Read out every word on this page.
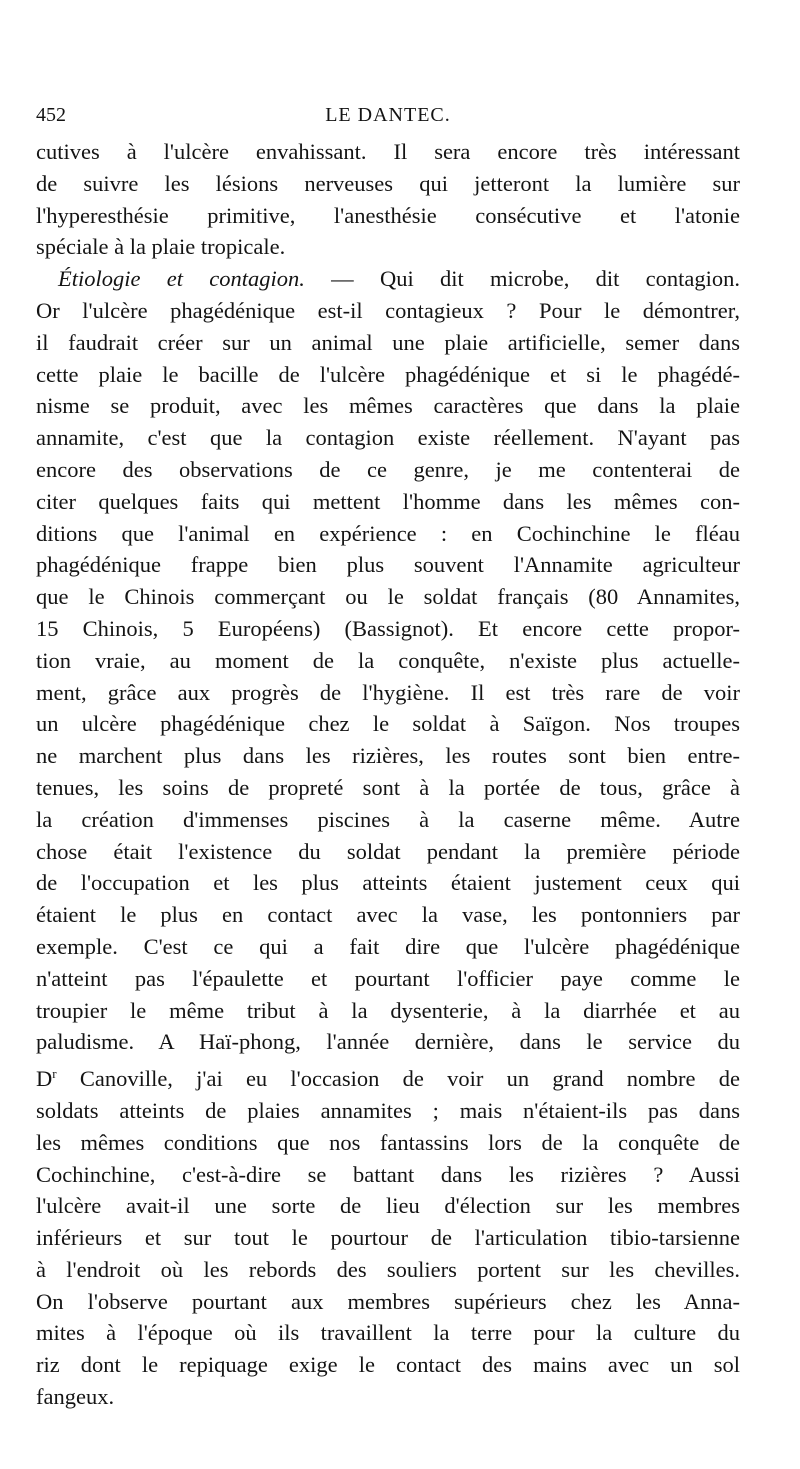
452	LE DANTEC.
cutives à l'ulcère envahissant. Il sera encore très intéressant
de suivre les lésions nerveuses qui jetteront la lumière sur
l'hyperesthésie primitive, l'anesthésie consécutive et l'atonie
spéciale à la plaie tropicale.
Étiologie et contagion. — Qui dit microbe, dit contagion.
Or l'ulcère phagédénique est-il contagieux ? Pour le démontrer,
il faudrait créer sur un animal une plaie artificielle, semer dans
cette plaie le bacille de l'ulcère phagédénique et si le phagédé-
nisme se produit, avec les mêmes caractères que dans la plaie
annamite, c'est que la contagion existe réellement. N'ayant pas
encore des observations de ce genre, je me contenterai de
citer quelques faits qui mettent l'homme dans les mêmes con-
ditions que l'animal en expérience : en Cochinchine le fléau
phagédénique frappe bien plus souvent l'Annamite agriculteur
que le Chinois commerçant ou le soldat français (80 Annamites,
15 Chinois, 5 Européens) (Bassignot). Et encore cette propor-
tion vraie, au moment de la conquête, n'existe plus actuelle-
ment, grâce aux progrès de l'hygiène. Il est très rare de voir
un ulcère phagédénique chez le soldat à Saïgon. Nos troupes
ne marchent plus dans les rizières, les routes sont bien entre-
tenues, les soins de propreté sont à la portée de tous, grâce à
la création d'immenses piscines à la caserne même. Autre
chose était l'existence du soldat pendant la première période
de l'occupation et les plus atteints étaient justement ceux qui
étaient le plus en contact avec la vase, les pontonniers par
exemple. C'est ce qui a fait dire que l'ulcère phagédénique
n'atteint pas l'épaulette et pourtant l'officier paye comme le
troupier le même tribut à la dysenterie, à la diarrhée et au
paludisme. A Haï-phong, l'année dernière, dans le service du
$D^r$ Canoville, j'ai eu l'occasion de voir un grand nombre de
soldats atteints de plaies annamites ; mais n'étaient-ils pas dans
les mêmes conditions que nos fantassins lors de la conquête de
Cochinchine, c'est-à-dire se battant dans les rizières ? Aussi
l'ulcère avait-il une sorte de lieu d'élection sur les membres
inférieurs et sur tout le pourtour de l'articulation tibio-tarsienne
à l'endroit où les rebords des souliers portent sur les chevilles.
On l'observe pourtant aux membres supérieurs chez les Anna-
mites à l'époque où ils travaillent la terre pour la culture du
riz dont le repiquage exige le contact des mains avec un sol
fangeux.
